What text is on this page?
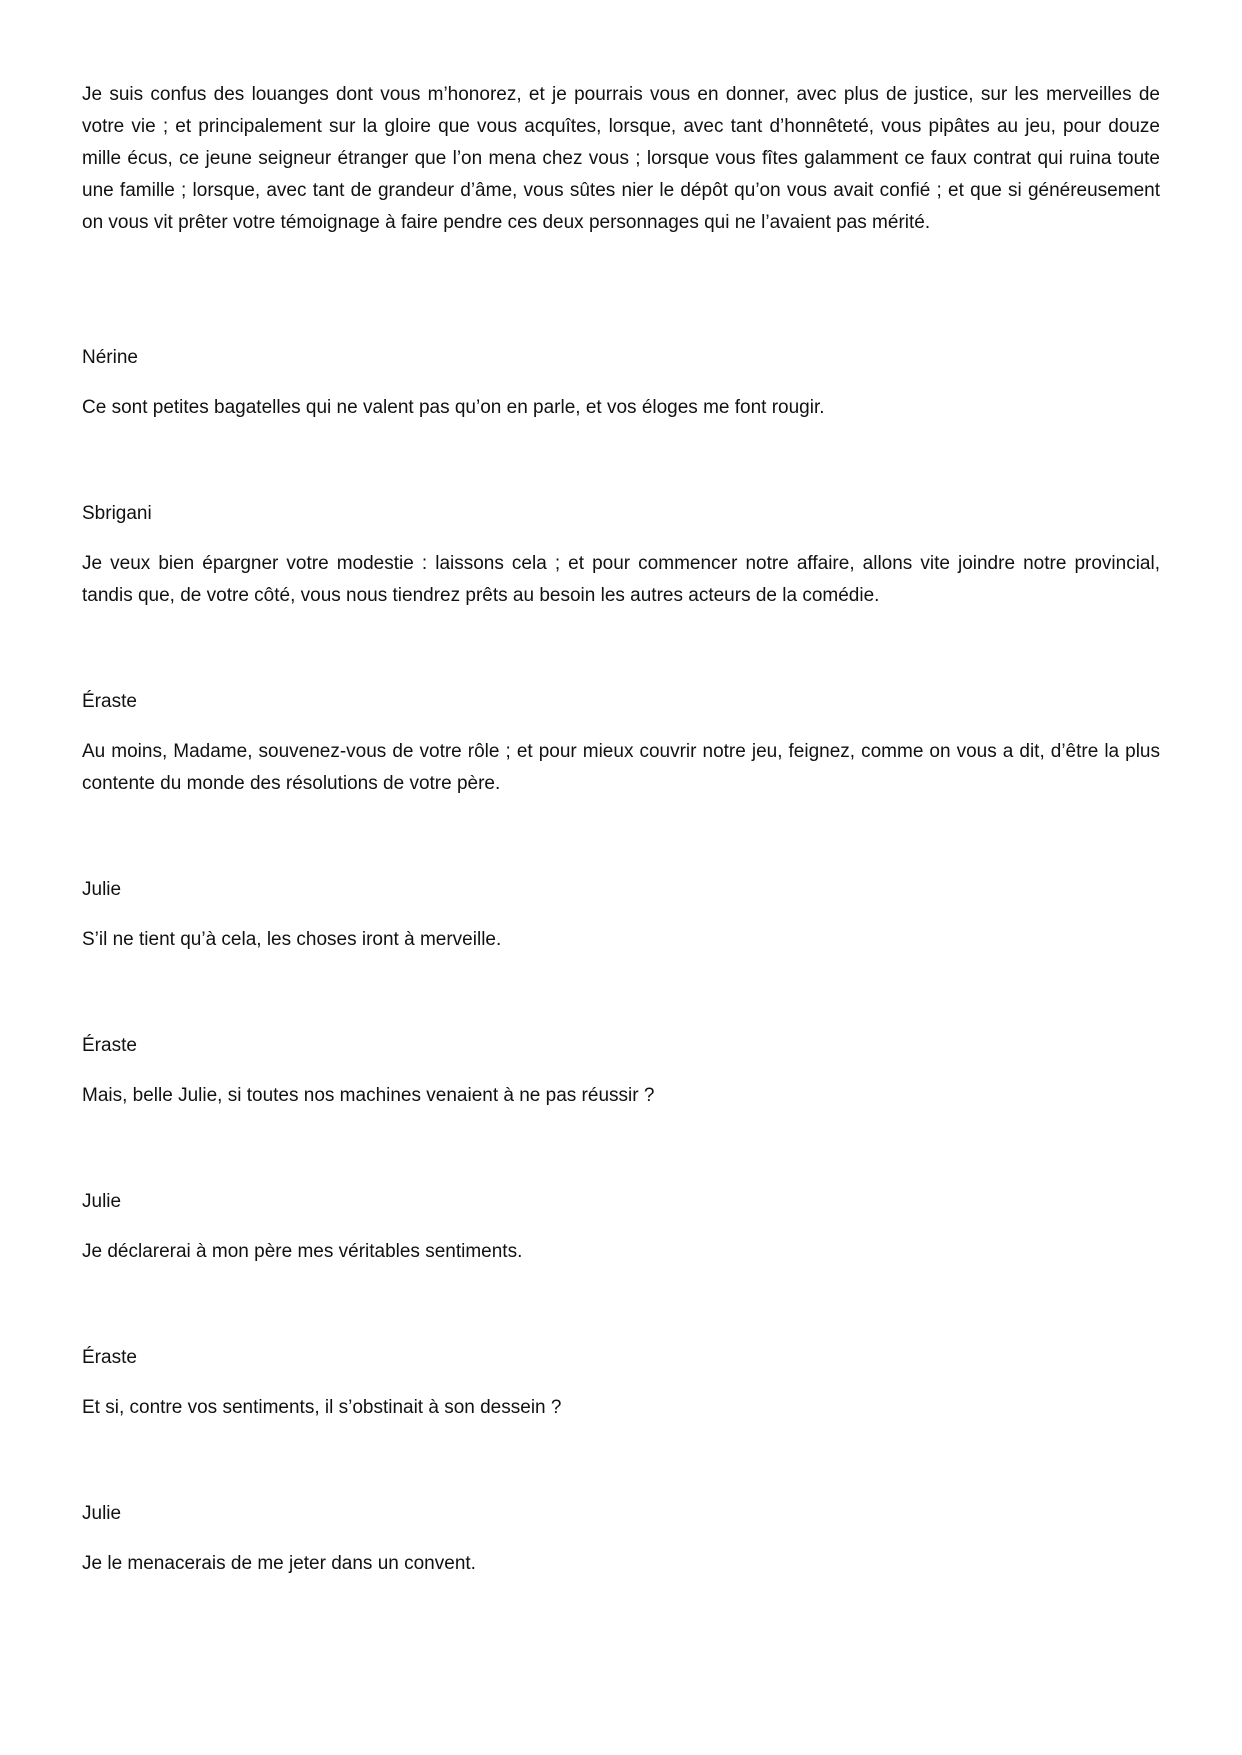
Je suis confus des louanges dont vous m’honorez, et je pourrais vous en donner, avec plus de justice, sur les merveilles de votre vie ; et principalement sur la gloire que vous acquîtes, lorsque, avec tant d’honnêteté, vous pipâtes au jeu, pour douze mille écus, ce jeune seigneur étranger que l’on mena chez vous ; lorsque vous fîtes galamment ce faux contrat qui ruina toute une famille ; lorsque, avec tant de grandeur d’âme, vous sûtes nier le dépôt qu’on vous avait confié ; et que si généreusement on vous vit prêter votre témoignage à faire pendre ces deux personnages qui ne l’avaient pas mérité.

Nérine

Ce sont petites bagatelles qui ne valent pas qu’on en parle, et vos éloges me font rougir.

Sbrigani

Je veux bien épargner votre modestie : laissons cela ; et pour commencer notre affaire, allons vite joindre notre provincial, tandis que, de votre côté, vous nous tiendrez prêts au besoin les autres acteurs de la comédie.

Éraste

Au moins, Madame, souvenez-vous de votre rôle ; et pour mieux couvrir notre jeu, feignez, comme on vous a dit, d’être la plus contente du monde des résolutions de votre père.

Julie

S’il ne tient qu’à cela, les choses iront à merveille.

Éraste

Mais, belle Julie, si toutes nos machines venaient à ne pas réussir ?

Julie

Je déclarerai à mon père mes véritables sentiments.

Éraste

Et si, contre vos sentiments, il s’obstinait à son dessein ?

Julie

Je le menacerais de me jeter dans un convent.
